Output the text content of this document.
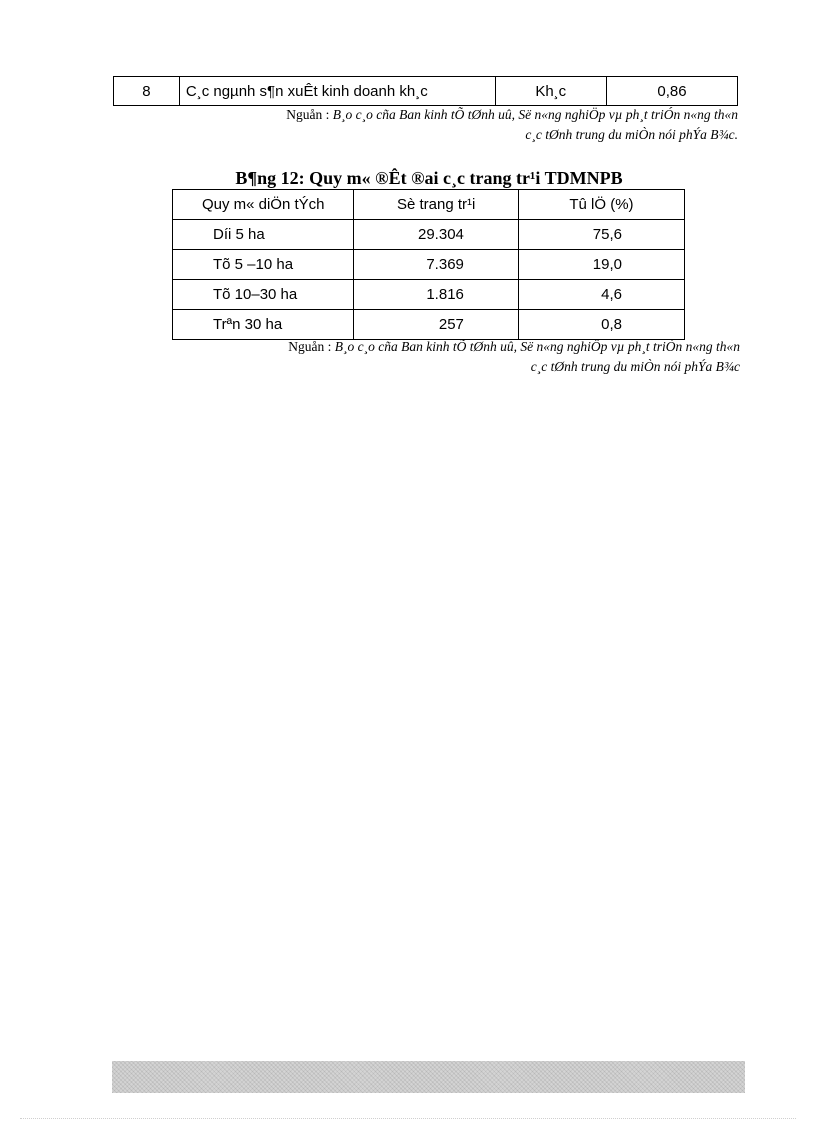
8	C¸c ngµnh s¶n xuÊt kinh doanh kh¸c	Kh¸c	0,86
Nguån : B¸o c¸o cña Ban kinh tÕ tØnh uû, Së n«ng nghiÖp vµ ph¸t triÓn n«ng th«n
c¸c tØnh trung du miÒn nói phÝa B¾c.
B¶ng 12: Quy m« ®Êt ®ai c¸c trang tr¹i TDMNPB
Quy m« diÖn tÝch	Sè trang tr¹i	Tû lÖ (%)
Díi 5 ha	29.304	75,6
Tõ 5 –10 ha	7.369	19,0
Tõ 10–30 ha	1.816	4,6
Trªn 30 ha	257	0,8
Nguån : B¸o c¸o cña Ban kinh tÕ tØnh uû, Së n«ng nghiÖp vµ ph¸t triÓn n«ng th«n
c¸c tØnh trung du miÒn nói phÝa B¾c
